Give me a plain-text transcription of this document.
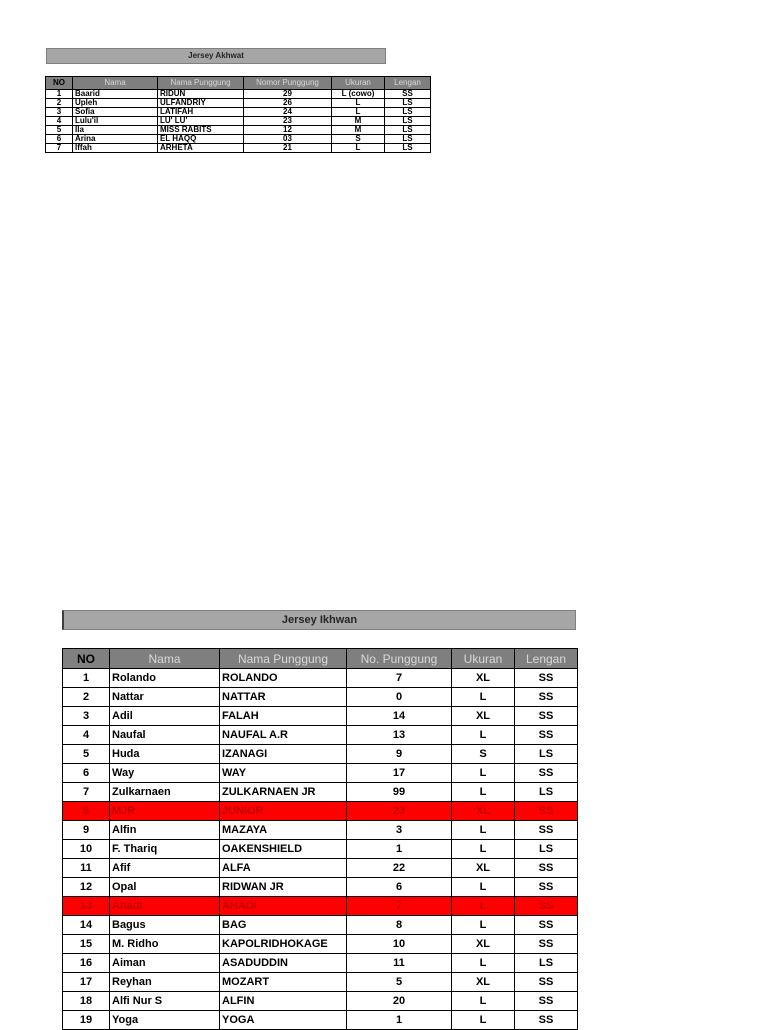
Jersey Akhwat
NO	Nama	Nama Punggung	Nomor Punggung	Ukuran	Lengan
1	Baarid	RIDUN	29	L (cowo)	SS
2	Upleh	ULFANDRIY	26	L	LS
3	Sofia	LATIFAH	24	L	LS
4	Lulu'il	LU' LU'	23	M	LS
5	Ila	MISS RABITS	12	M	LS
6	Arina	EL HAQQ	03	S	LS
7	Iffah	ARHETA	21	L	LS
Jersey Ikhwan
NO	Nama	Nama Punggung	No. Punggung	Ukuran	Lengan
1	Rolando	ROLANDO	7	XL	SS
2	Nattar	NATTAR	0	L	SS
3	Adil	FALAH	14	XL	SS
4	Naufal	NAUFAL A.R	13	L	SS
5	Huda	IZANAGI	9	S	LS
6	Way	WAY	17	L	SS
7	Zulkarnaen	ZULKARNAEN JR	99	L	LS
8	MJR	JUNIOR	23	XL	SS
9	Alfin	MAZAYA	3	L	SS
10	F. Thariq	OAKENSHIELD	1	L	LS
11	Afif	ALFA	22	XL	SS
12	Opal	RIDWAN JR	6	L	SS
13	Ahadi	AHADI	7	L	SS
14	Bagus	BAG	8	L	SS
15	M. Ridho	KAPOLRIDHOKAGE	10	XL	SS
16	Aiman	ASADUDDIN	11	L	LS
17	Reyhan	MOZART	5	XL	SS
18	Alfi Nur S	ALFIN	20	L	SS
19	Yoga	YOGA	1	L	SS
